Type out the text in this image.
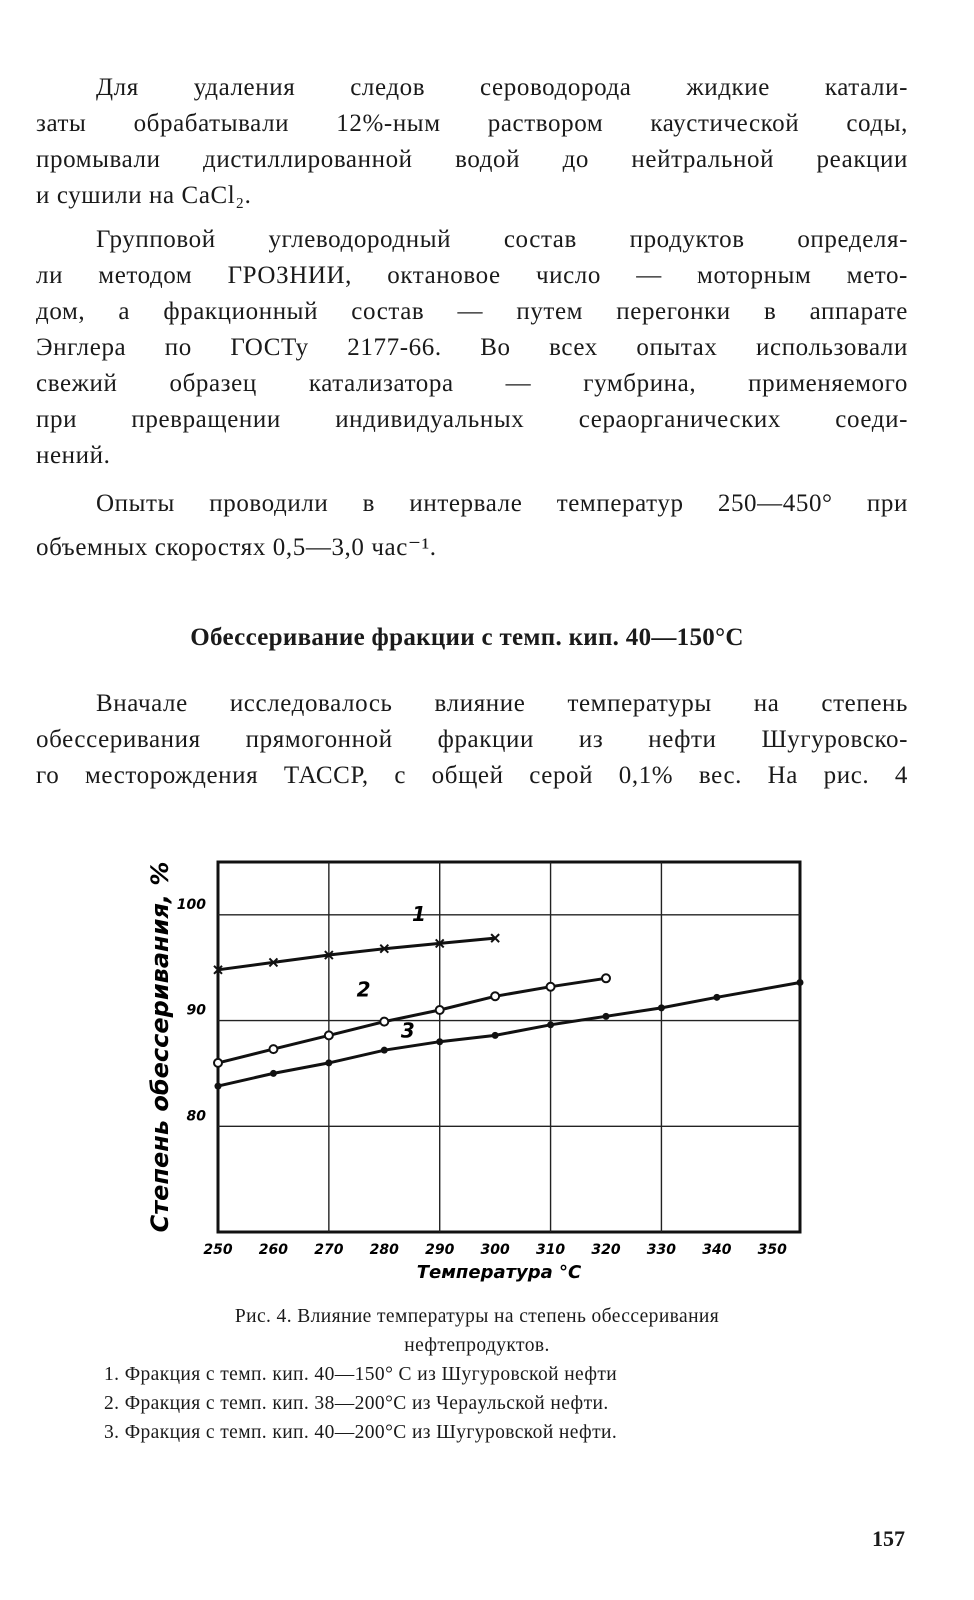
Для удаления следов сероводорода жидкие катали-
заты обрабатывали 12%-ным раствором каустической соды,
промывали дистиллированной водой до нейтральной реакции
и сушили на CaCl₂.
Групповой углеводородный состав продуктов определя-
ли методом ГРОЗНИИ, октановое число — моторным мето-
дом, а фракционный состав — путем перегонки в аппарате
Энглера по ГОСТу 2177-66. Во всех опытах использовали
свежий образец катализатора — гумбрина, применяемого
при превращении индивидуальных сераорганических соеди-
нений.
Опыты проводили в интервале температур 250—450° при
объемных скоростях 0,5—3,0 час⁻¹.

Обессеривание фракции с темп. кип. 40—150°С

Вначале исследовалось влияние температуры на степень
обессеривания прямогонной фракции из нефти Шугуровско-
го месторождения ТАССР, с общей серой 0,1% вес. На рис. 4
250 260 270 280 290 300 310 320 330 340 350
80
90
100	1
2
3
Температура °С
Степень обессеривания, %
Рис. 4. Влияние температуры на степень обессеривания
нефтепродуктов.
1. Фракция с темп. кип. 40—150° С из Шугуровской нефти
2. Фракция с темп. кип. 38—200°С из Черaульской нефти.
3. Фракция с темп. кип. 40—200°С из Шугуровской нефти.

157
